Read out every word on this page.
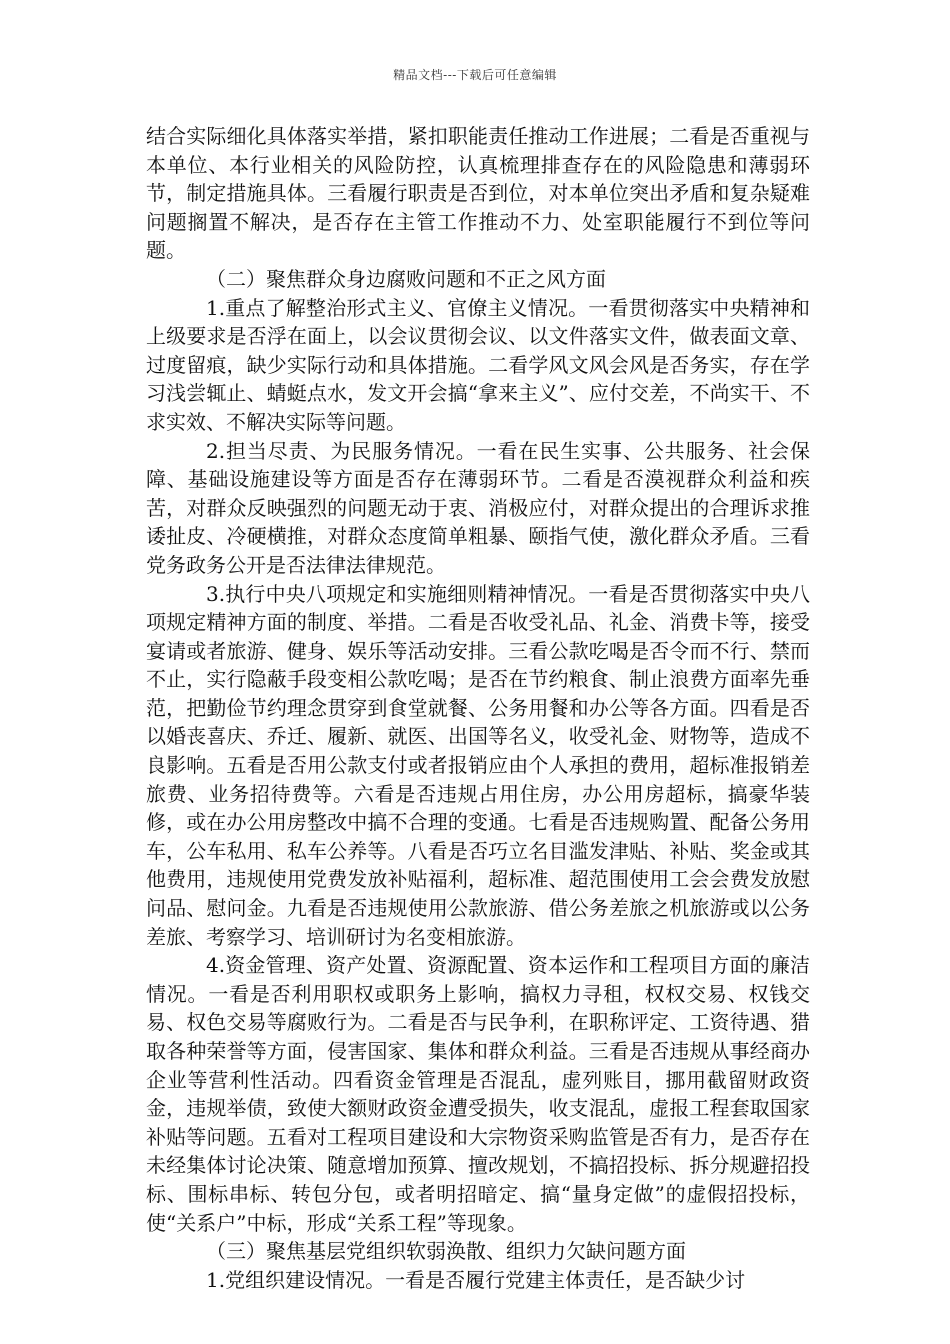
精品文档---下载后可任意编辑

结合实际细化具体落实举措，紧扣职能责任推动工作进展；二看是否重视与本单位、本行业相关的风险防控，认真梳理排查存在的风险隐患和薄弱环节，制定措施具体。三看履行职责是否到位，对本单位突出矛盾和复杂疑难问题搁置不解决，是否存在主管工作推动不力、处室职能履行不到位等问题。

（二）聚焦群众身边腐败问题和不正之风方面

1.重点了解整治形式主义、官僚主义情况。一看贯彻落实中央精神和上级要求是否浮在面上，以会议贯彻会议、以文件落实文件，做表面文章、过度留痕，缺少实际行动和具体措施。二看学风文风会风是否务实，存在学习浅尝辄止、蜻蜓点水，发文开会搞“拿来主义”、应付交差，不尚实干、不求实效、不解决实际等问题。

2.担当尽责、为民服务情况。一看在民生实事、公共服务、社会保障、基础设施建设等方面是否存在薄弱环节。二看是否漠视群众利益和疾苦，对群众反映强烈的问题无动于衷、消极应付，对群众提出的合理诉求推诿扯皮、冷硬横推，对群众态度简单粗暴、颐指气使，激化群众矛盾。三看党务政务公开是否法律法律规范。

3.执行中央八项规定和实施细则精神情况。一看是否贯彻落实中央八项规定精神方面的制度、举措。二看是否收受礼品、礼金、消费卡等，接受宴请或者旅游、健身、娱乐等活动安排。三看公款吃喝是否令而不行、禁而不止，实行隐蔽手段变相公款吃喝；是否在节约粮食、制止浪费方面率先垂范，把勤俭节约理念贯穿到食堂就餐、公务用餐和办公等各方面。四看是否以婚丧喜庆、乔迁、履新、就医、出国等名义，收受礼金、财物等，造成不良影响。五看是否用公款支付或者报销应由个人承担的费用，超标准报销差旅费、业务招待费等。六看是否违规占用住房，办公用房超标，搞豪华装修，或在办公用房整改中搞不合理的变通。七看是否违规购置、配备公务用车，公车私用、私车公养等。八看是否巧立名目滥发津贴、补贴、奖金或其他费用，违规使用党费发放补贴福利，超标准、超范围使用工会会费发放慰问品、慰问金。九看是否违规使用公款旅游、借公务差旅之机旅游或以公务差旅、考察学习、培训研讨为名变相旅游。

4.资金管理、资产处置、资源配置、资本运作和工程项目方面的廉洁情况。一看是否利用职权或职务上影响，搞权力寻租，权权交易、权钱交易、权色交易等腐败行为。二看是否与民争利，在职称评定、工资待遇、猎取各种荣誉等方面，侵害国家、集体和群众利益。三看是否违规从事经商办企业等营利性活动。四看资金管理是否混乱，虚列账目，挪用截留财政资金，违规举债，致使大额财政资金遭受损失，收支混乱，虚报工程套取国家补贴等问题。五看对工程项目建设和大宗物资采购监管是否有力，是否存在未经集体讨论决策、随意增加预算、擅改规划，不搞招投标、拆分规避招投标、围标串标、转包分包，或者明招暗定、搞“量身定做”的虚假招投标，使“关系户”中标，形成“关系工程”等现象。

（三）聚焦基层党组织软弱涣散、组织力欠缺问题方面

1.党组织建设情况。一看是否履行党建主体责任，是否缺少讨
